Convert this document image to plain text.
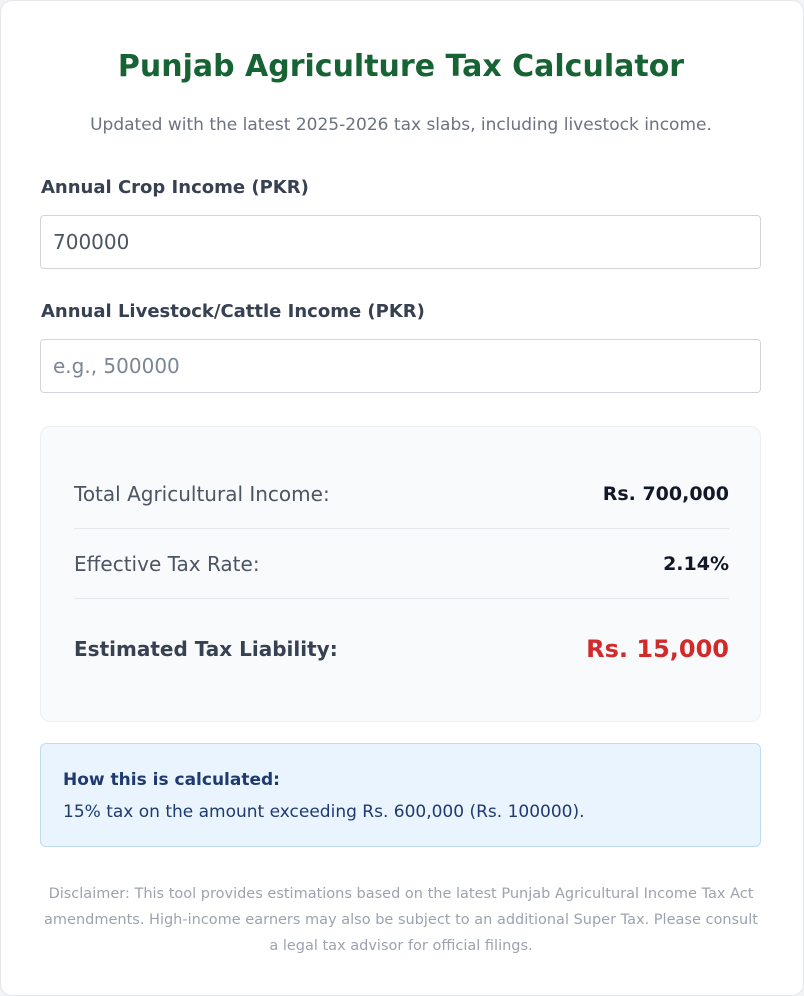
Punjab Agriculture Tax Calculator

Updated with the latest 2025-2026 tax slabs, including livestock income.

Annual Crop Income (PKR)
700000
Annual Livestock/Cattle Income (PKR)
e.g., 500000
Total Agricultural Income:	Rs. 700,000
Effective Tax Rate:	2.14%
Estimated Tax Liability:	Rs. 15,000
How this is calculated:
15% tax on the amount exceeding Rs. 600,000 (Rs. 100000).

Disclaimer: This tool provides estimations based on the latest Punjab Agricultural Income Tax Act amendments. High-income earners may also be subject to an additional Super Tax. Please consult a legal tax advisor for official filings.
